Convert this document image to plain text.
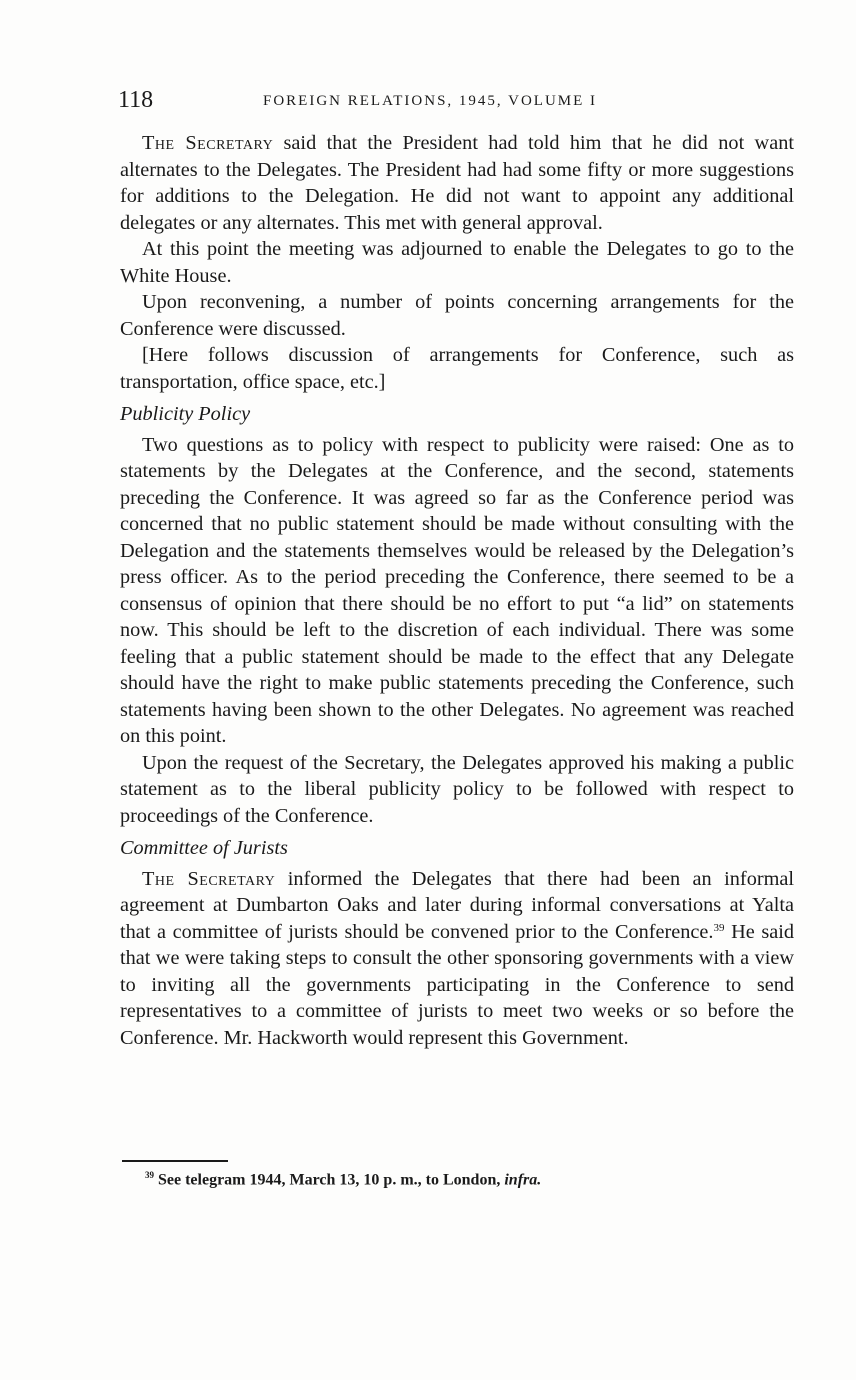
118	FOREIGN RELATIONS, 1945, VOLUME I

The Secretary said that the President had told him that he did not want alternates to the Delegates. The President had had some fifty or more suggestions for additions to the Delegation. He did not want to appoint any additional delegates or any alternates. This met with general approval.

At this point the meeting was adjourned to enable the Delegates to go to the White House.

Upon reconvening, a number of points concerning arrangements for the Conference were discussed.

[Here follows discussion of arrangements for Conference, such as transportation, office space, etc.]

Publicity Policy

Two questions as to policy with respect to publicity were raised: One as to statements by the Delegates at the Conference, and the second, statements preceding the Conference. It was agreed so far as the Conference period was concerned that no public statement should be made without consulting with the Delegation and the statements themselves would be released by the Delegation’s press officer. As to the period preceding the Conference, there seemed to be a consensus of opinion that there should be no effort to put “a lid” on statements now. This should be left to the discretion of each individual. There was some feeling that a public statement should be made to the effect that any Delegate should have the right to make public statements preceding the Conference, such statements having been shown to the other Delegates. No agreement was reached on this point.

Upon the request of the Secretary, the Delegates approved his making a public statement as to the liberal publicity policy to be followed with respect to proceedings of the Conference.

Committee of Jurists

The Secretary informed the Delegates that there had been an informal agreement at Dumbarton Oaks and later during informal conversations at Yalta that a committee of jurists should be convened prior to the Conference.$^{39}$ He said that we were taking steps to consult the other sponsoring governments with a view to inviting all the governments participating in the Conference to send representatives to a committee of jurists to meet two weeks or so before the Conference. Mr. Hackworth would represent this Government.

$^{39}$ See telegram 1944, March 13, 10 p. m., to London, infra.
